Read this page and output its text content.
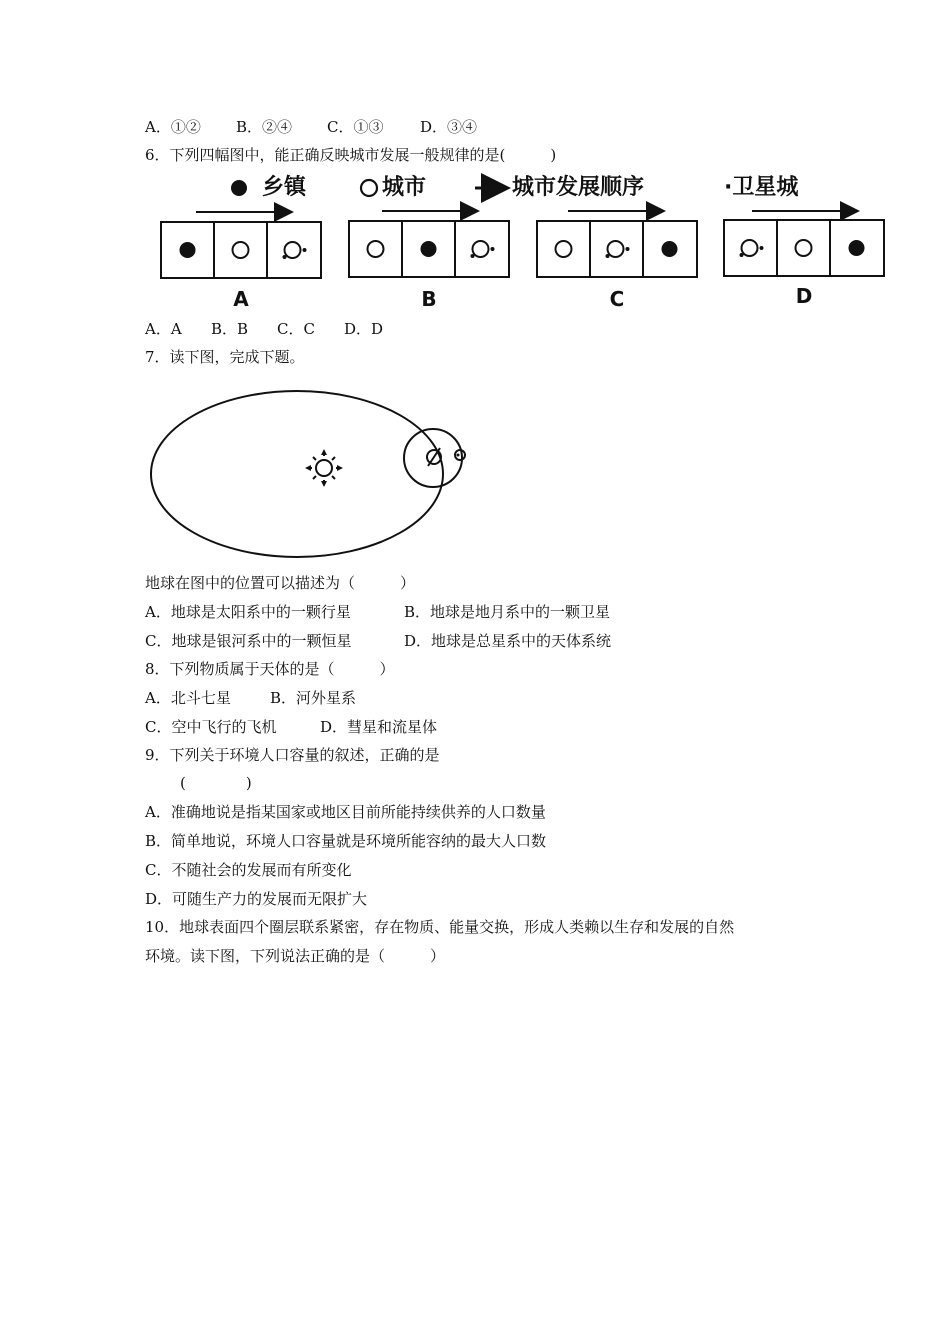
A．①② B．②④ C．①③ D．③④
6．下列四幅图中，能正确反映城市发展一般规律的是(　　　)
乡镇	城市	城市发展顺序	·卫星城
A	B	C	D
A．A B．B C．C D．D
7．读下图，完成下题。
地球在图中的位置可以描述为（　　　）
A．地球是太阳系中的一颗行星	B．地球是地月系中的一颗卫星
C．地球是银河系中的一颗恒星	D．地球是总星系中的天体系统
8．下列物质属于天体的是（　　　）
A．北斗七星	B．河外星系
C．空中飞行的飞机	D．彗星和流星体
9．下列关于环境人口容量的叙述，正确的是
(　　　　)
A．准确地说是指某国家或地区目前所能持续供养的人口数量
B．简单地说，环境人口容量就是环境所能容纳的最大人口数
C．不随社会的发展而有所变化
D．可随生产力的发展而无限扩大
10．地球表面四个圈层联系紧密，存在物质、能量交换，形成人类赖以生存和发展的自然
环境。读下图，下列说法正确的是（　　　）
